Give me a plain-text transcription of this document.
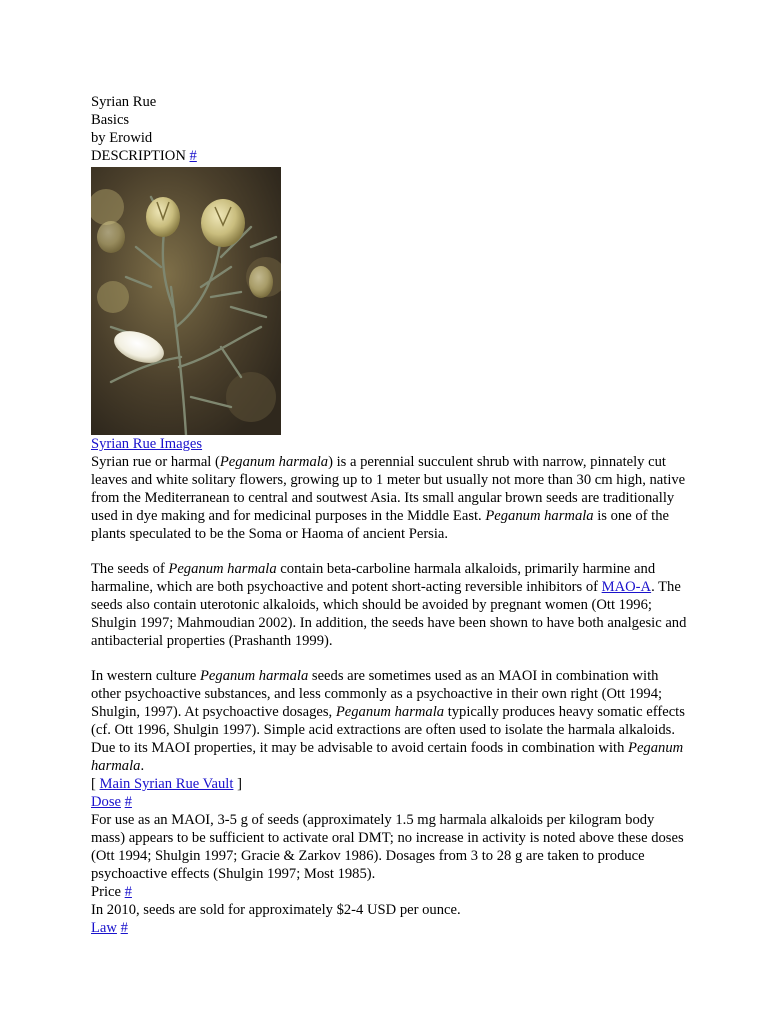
Syrian Rue

Basics

by Erowid

DESCRIPTION #

Syrian Rue Images

Syrian rue or harmal (Peganum harmala) is a perennial succulent shrub with narrow, pinnately cut leaves and white solitary flowers, growing up to 1 meter but usually not more than 30 cm high, native from the Mediterranean to central and soutwest Asia. Its small angular brown seeds are traditionally used in dye making and for medicinal purposes in the Middle East. Peganum harmala is one of the plants speculated to be the Soma or Haoma of ancient Persia.

The seeds of Peganum harmala contain beta-carboline harmala alkaloids, primarily harmine and harmaline, which are both psychoactive and potent short-acting reversible inhibitors of MAO-A. The seeds also contain uterotonic alkaloids, which should be avoided by pregnant women (Ott 1996; Shulgin 1997; Mahmoudian 2002). In addition, the seeds have been shown to have both analgesic and antibacterial properties (Prashanth 1999).

In western culture Peganum harmala seeds are sometimes used as an MAOI in combination with other psychoactive substances, and less commonly as a psychoactive in their own right (Ott 1994; Shulgin, 1997). At psychoactive dosages, Peganum harmala typically produces heavy somatic effects (cf. Ott 1996, Shulgin 1997). Simple acid extractions are often used to isolate the harmala alkaloids. Due to its MAOI properties, it may be advisable to avoid certain foods in combination with Peganum harmala.

[ Main Syrian Rue Vault ]

Dose #

For use as an MAOI, 3-5 g of seeds (approximately 1.5 mg harmala alkaloids per kilogram body mass) appears to be sufficient to activate oral DMT; no increase in activity is noted above these doses (Ott 1994; Shulgin 1997; Gracie & Zarkov 1986). Dosages from 3 to 28 g are taken to produce psychoactive effects (Shulgin 1997; Most 1985).

Price #

In 2010, seeds are sold for approximately $2-4 USD per ounce.

Law #
